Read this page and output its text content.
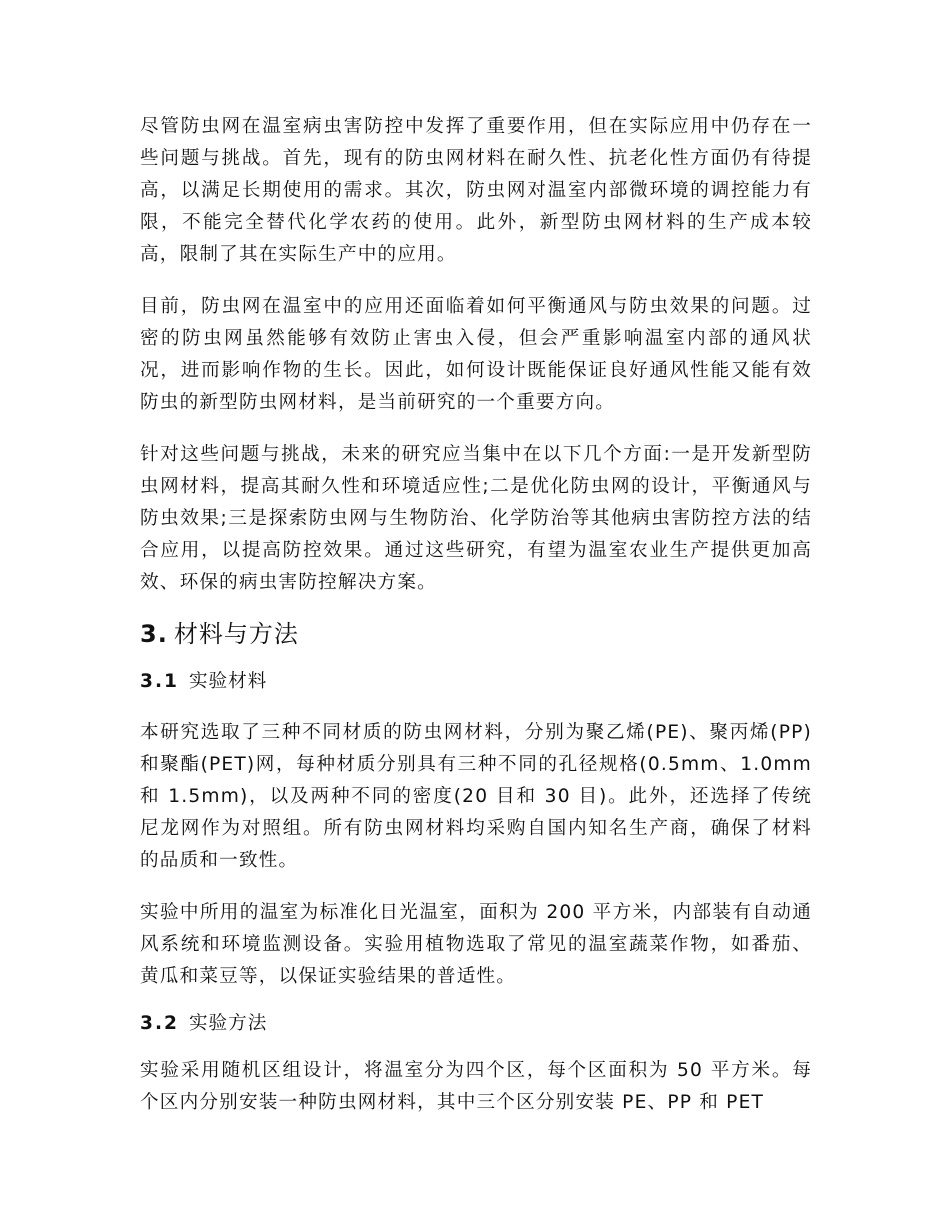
尽管防虫网在温室病虫害防控中发挥了重要作用，但在实际应用中仍存在一些问题与挑战。首先，现有的防虫网材料在耐久性、抗老化性方面仍有待提高，以满足长期使用的需求。其次，防虫网对温室内部微环境的调控能力有限，不能完全替代化学农药的使用。此外，新型防虫网材料的生产成本较高，限制了其在实际生产中的应用。

目前，防虫网在温室中的应用还面临着如何平衡通风与防虫效果的问题。过密的防虫网虽然能够有效防止害虫入侵，但会严重影响温室内部的通风状况，进而影响作物的生长。因此，如何设计既能保证良好通风性能又能有效防虫的新型防虫网材料，是当前研究的一个重要方向。

针对这些问题与挑战，未来的研究应当集中在以下几个方面:一是开发新型防虫网材料，提高其耐久性和环境适应性;二是优化防虫网的设计，平衡通风与防虫效果;三是探索防虫网与生物防治、化学防治等其他病虫害防控方法的结合应用，以提高防控效果。通过这些研究，有望为温室农业生产提供更加高效、环保的病虫害防控解决方案。

3. 材料与方法
3.1 实验材料

本研究选取了三种不同材质的防虫网材料，分别为聚乙烯(PE)、聚丙烯(PP)和聚酯(PET)网，每种材质分别具有三种不同的孔径规格(0.5mm、1.0mm 和 1.5mm)，以及两种不同的密度(20 目和 30 目)。此外，还选择了传统尼龙网作为对照组。所有防虫网材料均采购自国内知名生产商，确保了材料的品质和一致性。

实验中所用的温室为标准化日光温室，面积为 200 平方米，内部装有自动通风系统和环境监测设备。实验用植物选取了常见的温室蔬菜作物，如番茄、黄瓜和菜豆等，以保证实验结果的普适性。

3.2 实验方法

实验采用随机区组设计，将温室分为四个区，每个区面积为 50 平方米。每个区内分别安装一种防虫网材料，其中三个区分别安装 PE、PP 和 PET
